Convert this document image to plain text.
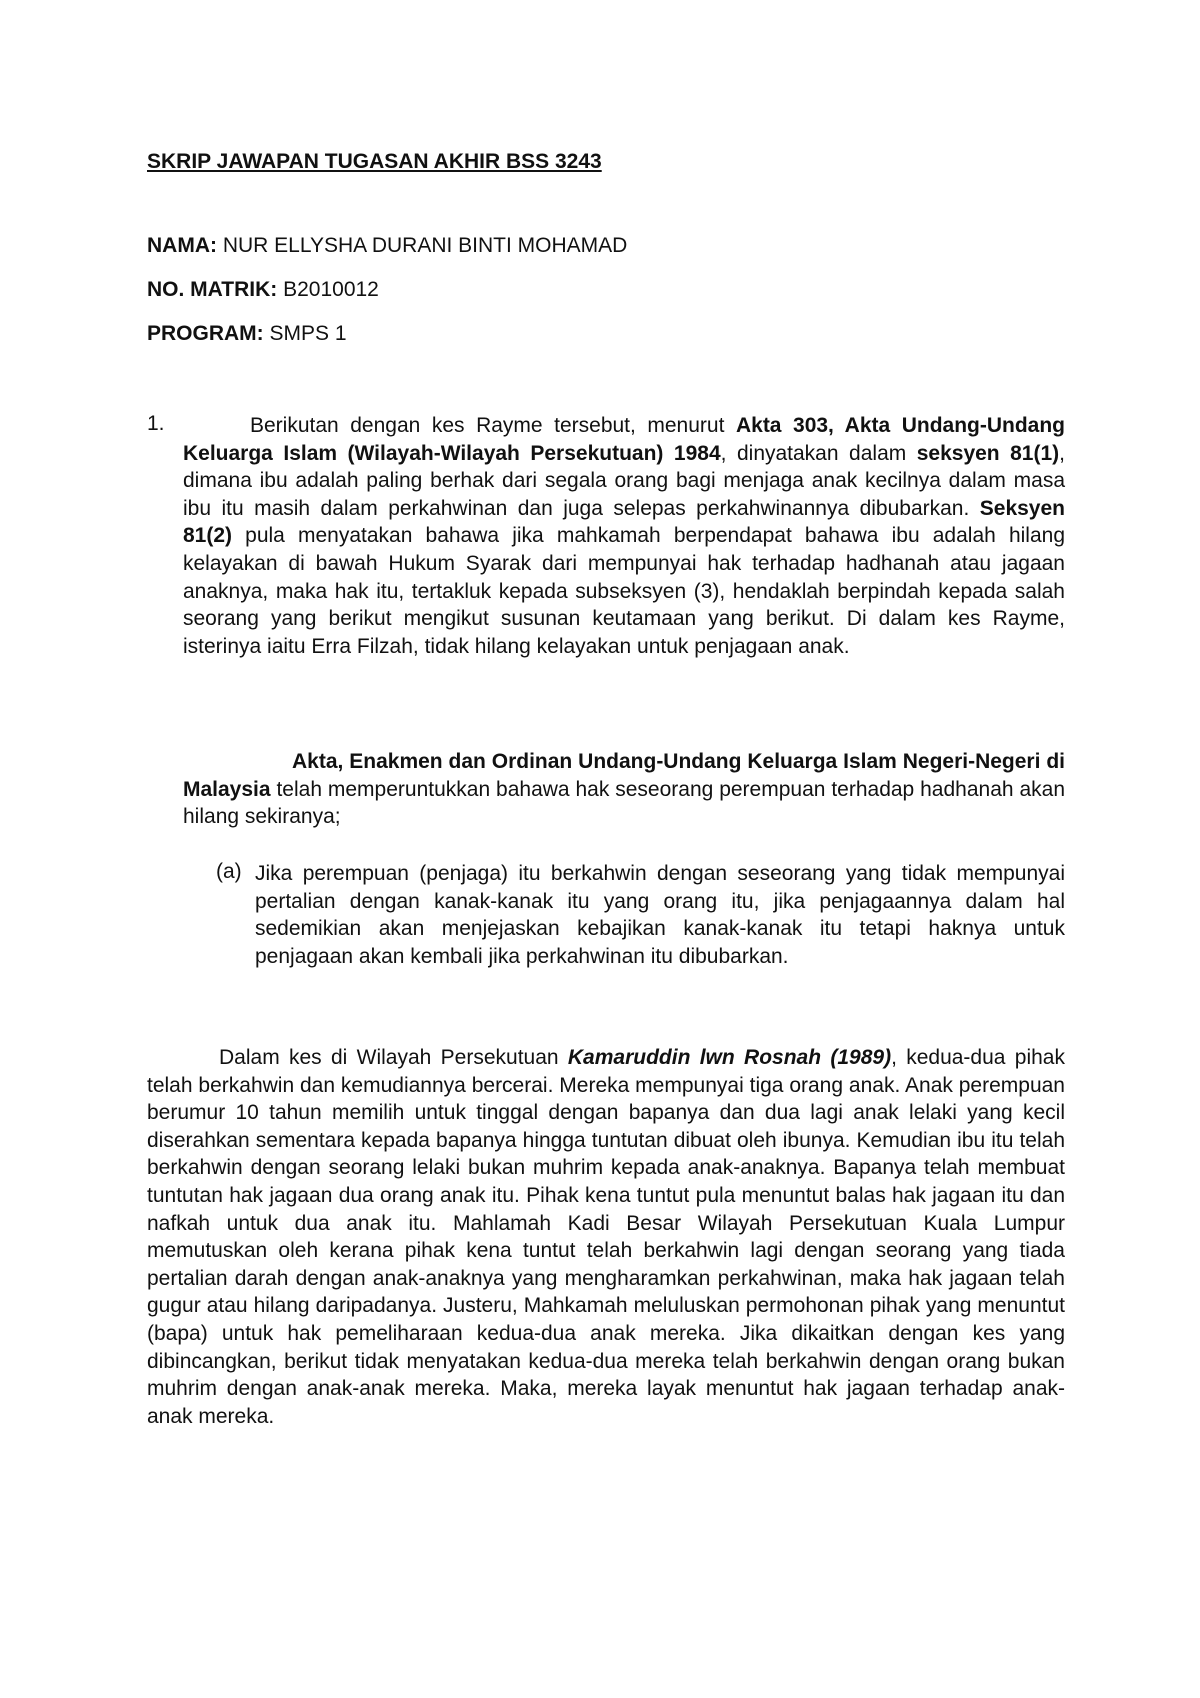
SKRIP JAWAPAN TUGASAN AKHIR BSS 3243

NAMA: NUR ELLYSHA DURANI BINTI MOHAMAD

NO. MATRIK: B2010012

PROGRAM: SMPS 1

1.	Berikutan dengan kes Rayme tersebut, menurut Akta 303, Akta Undang-Undang Keluarga Islam (Wilayah-Wilayah Persekutuan) 1984, dinyatakan dalam seksyen 81(1), dimana ibu adalah paling berhak dari segala orang bagi menjaga anak kecilnya dalam masa ibu itu masih dalam perkahwinan dan juga selepas perkahwinannya dibubarkan. Seksyen 81(2) pula menyatakan bahawa jika mahkamah berpendapat bahawa ibu adalah hilang kelayakan di bawah Hukum Syarak dari mempunyai hak terhadap hadhanah atau jagaan anaknya, maka hak itu, tertakluk kepada subseksyen (3), hendaklah berpindah kepada salah seorang yang berikut mengikut susunan keutamaan yang berikut. Di dalam kes Rayme, isterinya iaitu Erra Filzah, tidak hilang kelayakan untuk penjagaan anak.

Akta, Enakmen dan Ordinan Undang-Undang Keluarga Islam Negeri-Negeri di Malaysia telah memperuntukkan bahawa hak seseorang perempuan terhadap hadhanah akan hilang sekiranya;

(a) Jika perempuan (penjaga) itu berkahwin dengan seseorang yang tidak mempunyai pertalian dengan kanak-kanak itu yang orang itu, jika penjagaannya dalam hal sedemikian akan menjejaskan kebajikan kanak-kanak itu tetapi haknya untuk penjagaan akan kembali jika perkahwinan itu dibubarkan.

Dalam kes di Wilayah Persekutuan Kamaruddin lwn Rosnah (1989), kedua-dua pihak telah berkahwin dan kemudiannya bercerai. Mereka mempunyai tiga orang anak. Anak perempuan berumur 10 tahun memilih untuk tinggal dengan bapanya dan dua lagi anak lelaki yang kecil diserahkan sementara kepada bapanya hingga tuntutan dibuat oleh ibunya. Kemudian ibu itu telah berkahwin dengan seorang lelaki bukan muhrim kepada anak-anaknya. Bapanya telah membuat tuntutan hak jagaan dua orang anak itu. Pihak kena tuntut pula menuntut balas hak jagaan itu dan nafkah untuk dua anak itu. Mahlamah Kadi Besar Wilayah Persekutuan Kuala Lumpur memutuskan oleh kerana pihak kena tuntut telah berkahwin lagi dengan seorang yang tiada pertalian darah dengan anak-anaknya yang mengharamkan perkahwinan, maka hak jagaan telah gugur atau hilang daripadanya. Justeru, Mahkamah meluluskan permohonan pihak yang menuntut (bapa) untuk hak pemeliharaan kedua-dua anak mereka. Jika dikaitkan dengan kes yang dibincangkan, berikut tidak menyatakan kedua-dua mereka telah berkahwin dengan orang bukan muhrim dengan anak-anak mereka. Maka, mereka layak menuntut hak jagaan terhadap anak-anak mereka.
